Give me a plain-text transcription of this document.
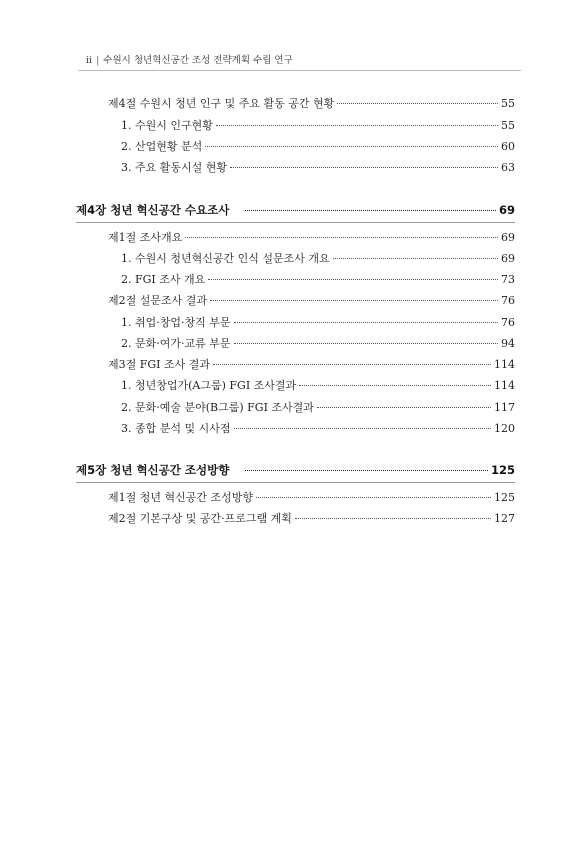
ii | 수원시 청년혁신공간 조성 전략계획 수립 연구
제4절 수원시 청년 인구 및 주요 활동 공간 현황	55
1. 수원시 인구현황	55
2. 산업현황 분석	60
3. 주요 활동시설 현황	63
제4장 청년 혁신공간 수요조사	69
제1절 조사개요	69
1. 수원시 청년혁신공간 인식 설문조사 개요	69
2. FGI 조사 개요	73
제2절 설문조사 결과	76
1. 취업·창업·창직 부문	76
2. 문화·여가·교류 부문	94
제3절 FGI 조사 결과	114
1. 청년창업가(A그룹) FGI 조사결과	114
2. 문화·예술 분야(B그룹) FGI 조사결과	117
3. 종합 분석 및 시사점	120
제5장 청년 혁신공간 조성방향	125
제1절 청년 혁신공간 조성방향	125
제2절 기본구상 및 공간·프로그램 계획	127
